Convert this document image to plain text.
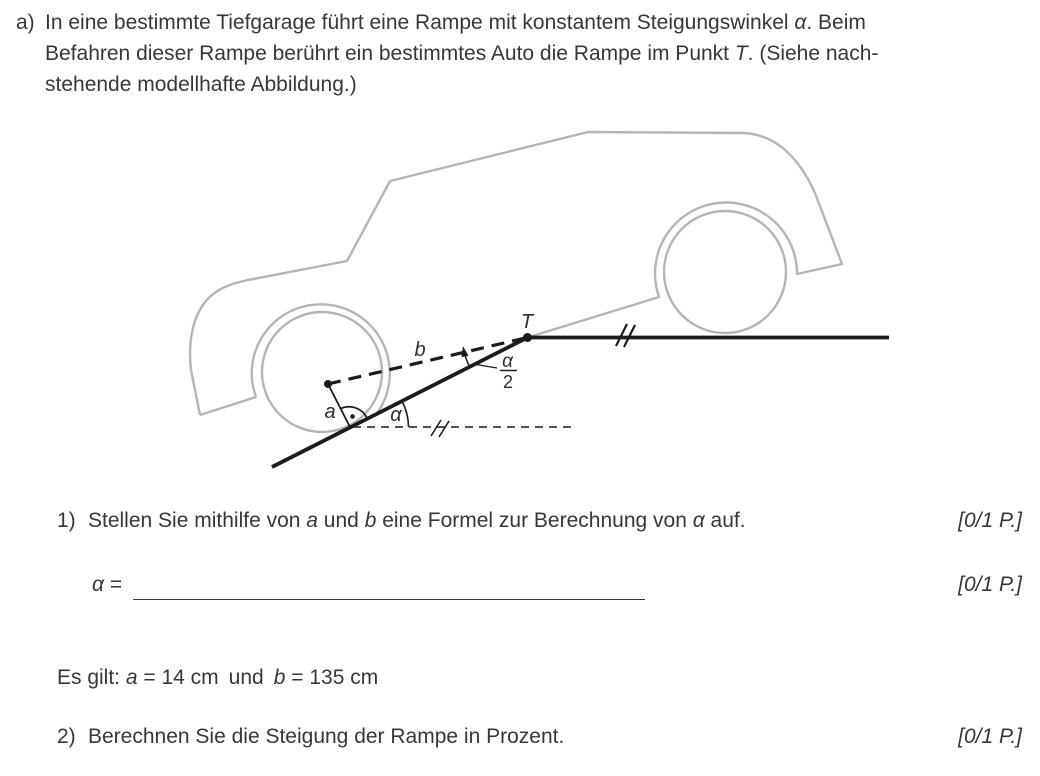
a) In eine bestimmte Tiefgarage führt eine Rampe mit konstantem Steigungswinkel α. Beim
Befahren dieser Rampe berührt ein bestimmtes Auto die Rampe im Punkt T. (Siehe nach-
stehende modellhafte Abbildung.)
T
b
a	α
α
2
1) Stellen Sie mithilfe von a und b eine Formel zur Berechnung von α auf.	[0/1 P.]
α =	[0/1 P.]
Es gilt: a = 14 cm und b = 135 cm
2) Berechnen Sie die Steigung der Rampe in Prozent.	[0/1 P.]
